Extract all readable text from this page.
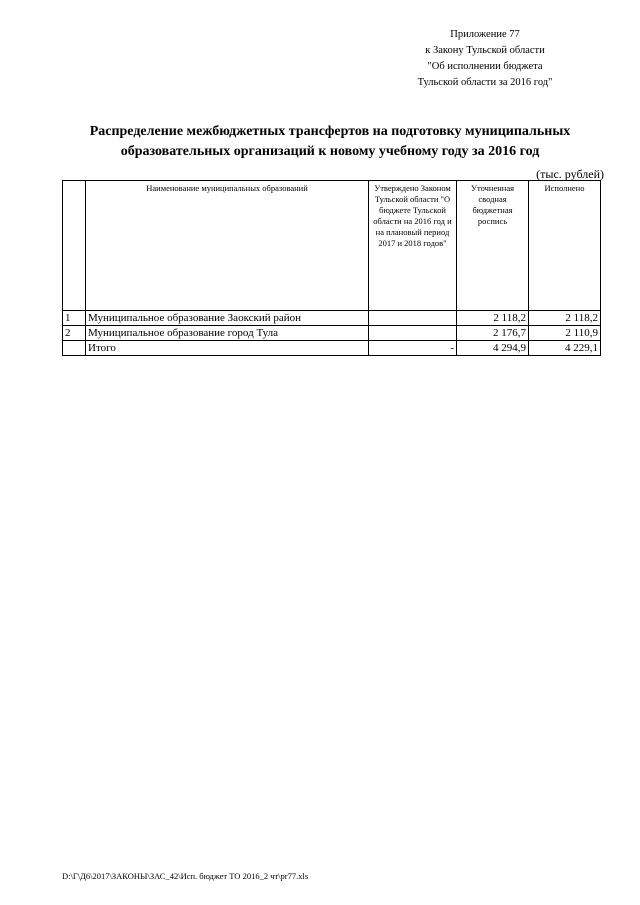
Приложение 77
к Закону Тульской области
"Об исполнении бюджета
Тульской области за 2016 год"
Распределение межбюджетных трансфертов на подготовку муниципальных
образовательных организаций к новому учебному году за 2016 год
(тыс. рублей)
	Наименование муниципальных образований	Утверждено Законом Тульской области "О бюджете Тульской области на 2016 год и на плановый период 2017 и 2018 годов"	Уточненная сводная бюджетная роспись	Исполнено
1	Муниципальное образование Заокский район		2 118,2	2 118,2
2	Муниципальное образование город Тула		2 176,7	2 110,9
	Итого	-	4 294,9	4 229,1
D:\Г\Д6\2017\ЗАКОНЫ\ЗАС_42\Исп. бюджет ТО 2016_2 чт\pr77.xls
